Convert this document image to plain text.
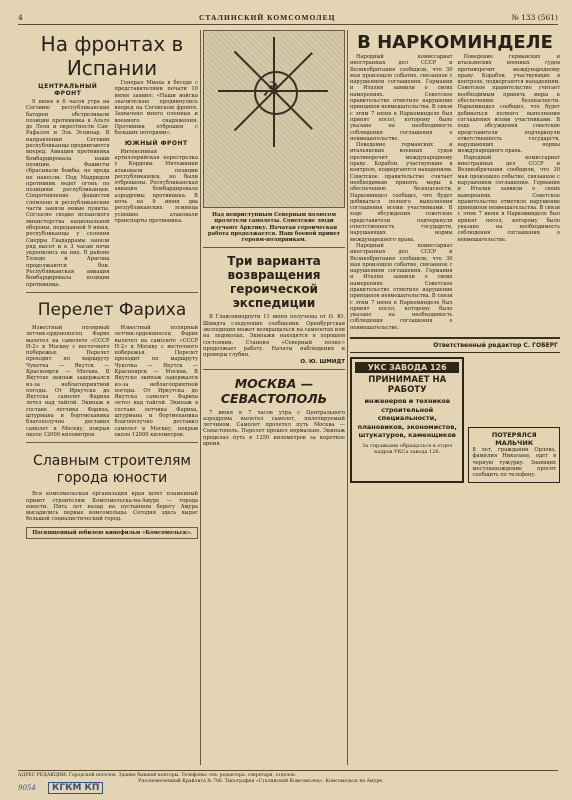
4	СТАЛИНСКИЙ КОМСОМОЛЕЦ	№ 133 (561)
На фронтах в Испании
ЦЕНТРАЛЬНЫЙ ФРОНТ

9 июня в 6 часов утра на Сеговию республиканские батареи обстреливали позиции противника в Альто де Леон и окрестности Сан-Рафаэля и Эль Эспинар. В направлении Сеговии республиканцы продвигаются вперед. Авиация противника бомбардировала наши позиции. Фашисты сбрасывали бомбы, но вреда не нанесли. Под Мадридом противник ведет огонь по позициям республиканцев. Сопротивление фашистов сломлено и республиканские части заняли новые пункты. Согласно сводке испанского министерства национальной обороны, переданной 9 июня, республиканцы у селения Сиерры Гвадаррамы заняли ряд высот и к 3 часам ночи укрепились на них. В районе Толедо и Арагона продолжаются бои. Республиканская авиация бомбардировала позиции противника.

Генерал Миаха в беседе с представителями печати 10 июня заявил: «Наши войска значительно продвинулись вперед на Сеговском фронте. Захвачено много пленных и военного снаряжения. Противник отброшен с больших потерями».

ЮЖНЫЙ ФРОНТ

Интенсивная артиллерийская перестрелка у Кордовы. Мятежники атаковали позиции республиканцев, но были отброшены. Республиканская авиация бомбардировала аэродромы противника. В ночь на 9 июня два республиканских эсминца успешно атаковали транспорты противника.

Перелет Фариха

Известный полярный летчик-орденоносец Фарих вылетел на самолете «СССР Н-2» в Москву с восточного побережья. Перелет проходит по маршруту Чукотка — Якутск — Красноярск — Москва. В Якутске экипаж задержался из-за неблагоприятной погоды. От Иркутска до Якутска самолет Фариха летел над тайгой. Экипаж в составе летчика Фариха, штурмана и бортмеханика благополучно доставил самолет в Москву, покрыв около 12000 километров.

Известный полярный летчик-орденоносец Фарих вылетел на самолете «СССР Н-2» в Москву с восточного побережья. Перелет проходит по маршруту Чукотка — Якутск — Красноярск — Москва. В Якутске экипаж задержался из-за неблагоприятной погоды. От Иркутска до Якутска самолет Фариха летел над тайгой. Экипаж в составе летчика Фариха, штурмана и бортмеханика благополучно доставил самолет в Москву, покрыв около 12000 километров.

Славным строителям города юности

Вся комсомольская организация края шлет пламенный привет строителям Комсомольска-на-Амуре — города юности. Пять лет назад на пустынном берегу Амура высадились первые комсомольцы. Сегодня здесь вырос большой социалистический город.

Посвященный юбилею кинофильм «Комсомольск».
☭

Над неприступным Северным полюсом пролетели самолеты. Советские люди изучают Арктику. Начатая героическая работа продолжается. Наш боевой привет героям-полярникам.

Три варианта возвращения героической экспедиции

В Главсевморпути 11 июня получены от О. Ю. Шмидта следующие сообщения. Оренбургская экспедиция может возвращаться на самолетах или на ледоколах. Экипажи находятся в хорошем состоянии. Станция «Северный полюс» продолжает работу. Начаты наблюдения и промеры глубин.

О. Ю. ШМИДТ
МОСКВА — СЕВАСТОПОЛЬ

7 июня в 7 часов утра с Центрального аэродрома вылетел самолет, пилотируемый летчиком. Самолет пролетел путь Москва — Севастополь. Перелет прошел нормально. Экипаж проделал путь в 1250 километров за короткое время.

В НАРКОМИНДЕЛЕ

Народный комиссариат иностранных дел СССР и Великобритания сообщили, что 30 мая произошло событие, связанное с нарушением соглашения. Германия и Италия заявили о своих намерениях. Советское правительство отметило нарушение принципов невмешательства. В связи с этим 7 июня в Наркоминделе был принят посол, которому было указано на необходимость соблюдения соглашения о невмешательстве.

Поведение германских и итальянских военных судов противоречит международному праву. Корабли, участвующие в контроле, подвергаются нападениям. Советское правительство считает необходимым принять меры к обеспечению безопасности. Наркоминдел сообщил, что будет добиваться полного выполнения соглашения всеми участниками. В ходе обсуждения советские представители подчеркнули ответственность государств, нарушающих нормы международного права.

Народный комиссариат иностранных дел СССР и Великобритания сообщили, что 30 мая произошло событие, связанное с нарушением соглашения. Германия и Италия заявили о своих намерениях. Советское правительство отметило нарушение принципов невмешательства. В связи с этим 7 июня в Наркоминделе был принят посол, которому было указано на необходимость соблюдения соглашения о невмешательстве.

Поведение германских и итальянских военных судов противоречит международному праву. Корабли, участвующие в контроле, подвергаются нападениям. Советское правительство считает необходимым принять меры к обеспечению безопасности. Наркоминдел сообщил, что будет добиваться полного выполнения соглашения всеми участниками. В ходе обсуждения советские представители подчеркнули ответственность государств, нарушающих нормы международного права.

Народный комиссариат иностранных дел СССР и Великобритания сообщили, что 30 мая произошло событие, связанное с нарушением соглашения. Германия и Италия заявили о своих намерениях. Советское правительство отметило нарушение принципов невмешательства. В связи с этим 7 июня в Наркоминделе был принят посол, которому было указано на необходимость соблюдения соглашения о невмешательстве.

Ответственный редактор С. ГОБЕРГ
УКС ЗАВОДА 126
ПРИНИМАЕТ НА РАБОТУ
инженеров и техников строительной специальности, плановиков, экономистов, штукатуров, каменщиков
За справками обращаться в отдел кадров УКСа завода 126.
ПОТЕРЯЛСЯ МАЛЬЧИК

8 лет, гражданин Орлова, фамилия Николаев, одет в черную тужурку. Знающих местонахождение просят сообщить по телефону.

АДРЕС РЕДАКЦИИ: Городской поселок. Здание бывшей конторы. Телефоны: отв. редактора, секретаря, отделов.
Уполномоченный Крайлита № 786. Типография «Сталинский Комсомолец». Комсомольск на Амуре.
9054	КГКМ КП
